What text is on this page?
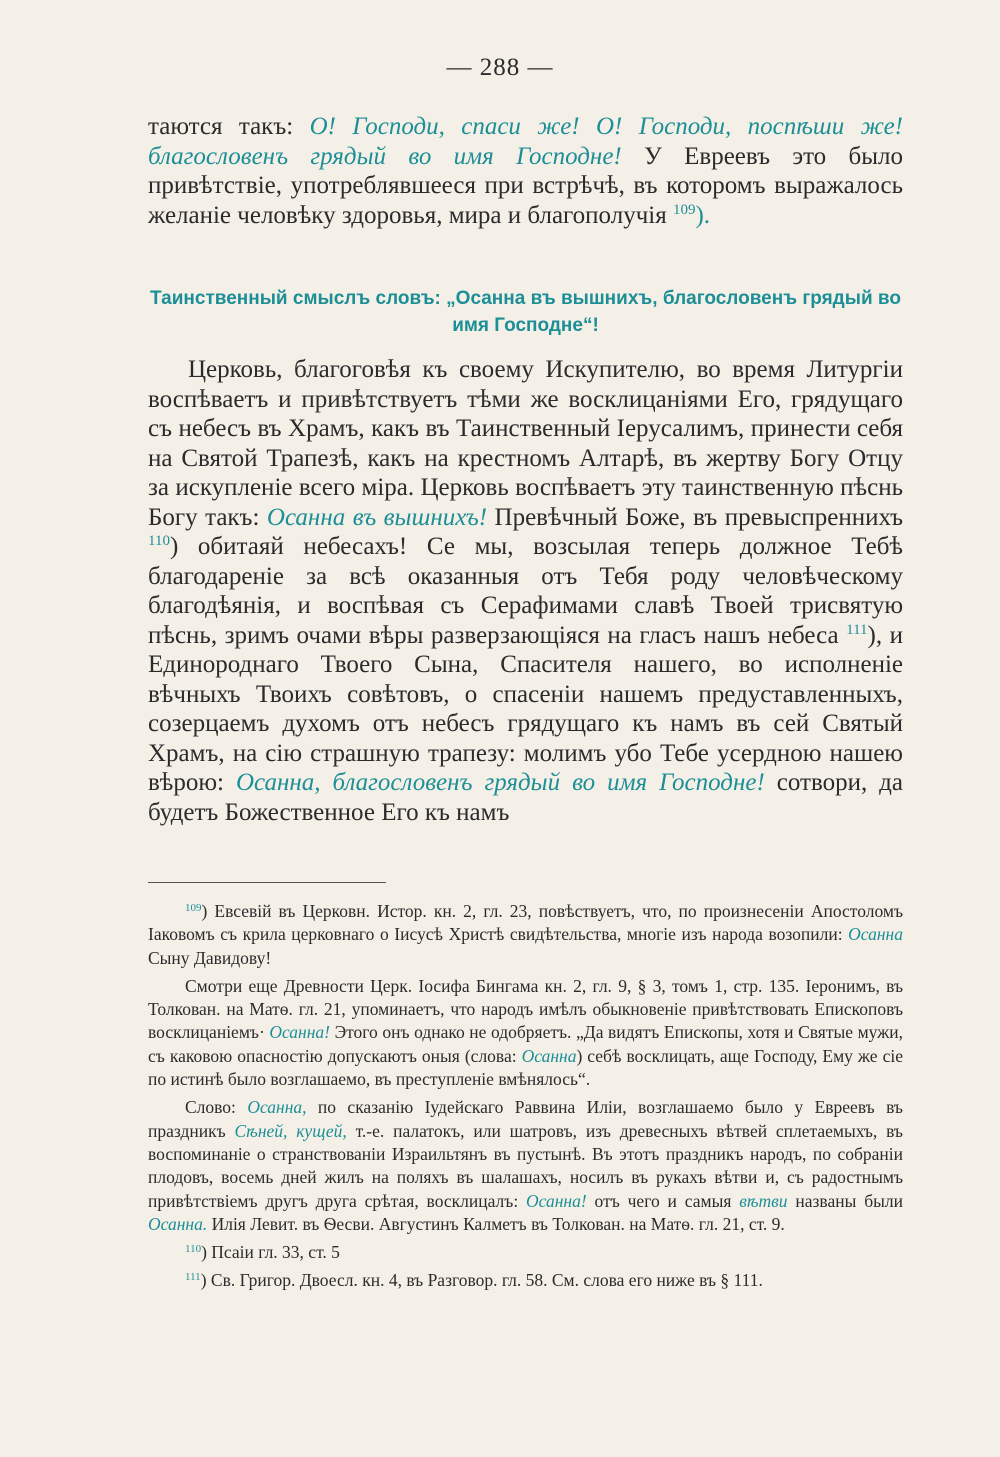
— 288 —

таются такъ: О! Господи, спаси же! О! Господи, поспѣши же! благословенъ грядый во имя Господне! У Евреевъ это было привѣтствіе, употреблявшееся при встрѣчѣ, въ которомъ выражалось желаніе человѣку здоровья, мира и благополучія $^{109}$).

Таинственный смыслъ словъ: „Осанна въ вышнихъ, благословенъ грядый во имя Господне“!

Церковь, благоговѣя къ своему Искупителю, во время Литургіи воспѣваетъ и привѣтствуетъ тѣми же восклицаніями Его, грядущаго съ небесъ въ Храмъ, какъ въ Таинственный Іерусалимъ, принести себя на Святой Трапезѣ, какъ на крестномъ Алтарѣ, въ жертву Богу Отцу за искупленіе всего міра. Церковь воспѣваетъ эту таинственную пѣснь Богу такъ: Осанна въ вышнихъ! Превѣчный Боже, въ превыспреннихъ $^{110}$) обитаяй небесахъ! Се мы, возсылая теперь должное Тебѣ благодареніе за всѣ оказанныя отъ Тебя роду человѣческому благодѣянія, и воспѣвая съ Серафимами славѣ Твоей трисвятую пѣснь, зримъ очами вѣры разверзающіяся на гласъ нашъ небеса $^{111}$), и Единороднаго Твоего Сына, Спасителя нашего, во исполненіе вѣчныхъ Твоихъ совѣтовъ, о спасеніи нашемъ предуставленныхъ, созерцаемъ духомъ отъ небесъ грядущаго къ намъ въ сей Святый Храмъ, на сію страшную трапезу: молимъ убо Тебе усердною нашею вѣрою: Осанна, благословенъ грядый во имя Господне! сотвори, да будетъ Божественное Его къ намъ

$^{109}$) Евсевій въ Церковн. Истор. кн. 2, гл. 23, повѣствуетъ, что, по произнесеніи Апостоломъ Іаковомъ съ крила церковнаго о Іисусѣ Христѣ свидѣтельства, многіе изъ народа возопили: Осанна Сыну Давидову!

Смотри еще Древности Церк. Іосифа Бингама кн. 2, гл. 9, § 3, томъ 1, стр. 135. Іеронимъ, въ Толкован. на Матѳ. гл. 21, упоминаетъ, что народъ имѣлъ обыкновеніе привѣтствовать Епископовъ восклицаніемъ· Осанна! Этого онъ однако не одобряетъ. „Да видятъ Епископы, хотя и Святые мужи, съ каковою опасностію допускаютъ оныя (слова: Осанна) себѣ восклицать, аще Господу, Ему же сіе по истинѣ было возглашаемо, въ преступленіе вмѣнялось“.

Слово: Осанна, по сказанію Іудейскаго Раввина Иліи, возглашаемо было у Евреевъ въ праздникъ Сѣней, кущей, т.-е. палатокъ, или шатровъ, изъ древесныхъ вѣтвей сплетаемыхъ, въ воспоминаніе о странствованіи Израильтянъ въ пустынѣ. Въ этотъ праздникъ народъ, по собраніи плодовъ, восемь дней жилъ на поляхъ въ шалашахъ, носилъ въ рукахъ вѣтви и, съ радостнымъ привѣтствіемъ другъ друга срѣтая, восклицалъ: Осанна! отъ чего и самыя вѣтви названы были Осанна. Илія Левит. въ Ѳесви. Августинъ Калметъ въ Толкован. на Матѳ. гл. 21, ст. 9.

$^{110}$) Псаiи гл. 33, ст. 5

$^{111}$) Св. Григор. Двоесл. кн. 4, въ Разговор. гл. 58. См. слова его ниже въ § 111.
